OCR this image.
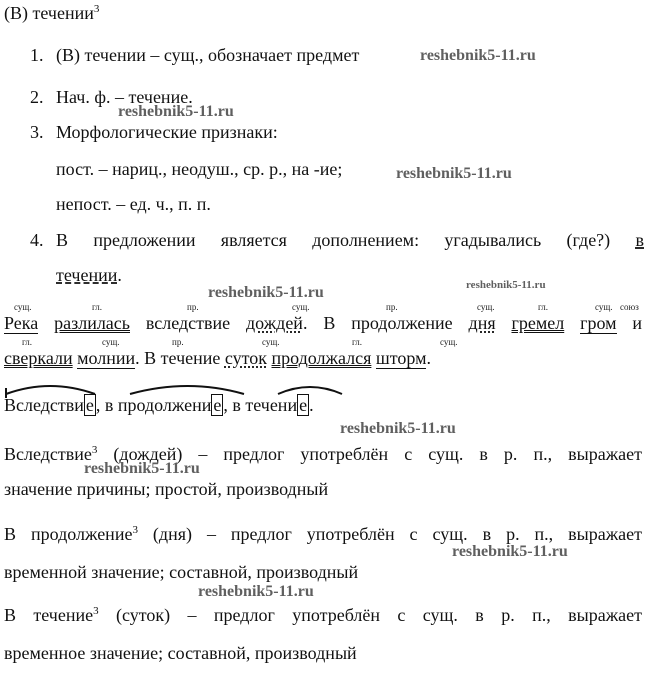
(В) течении$^3$
1. (В) течении – сущ., обозначает предмет
2. Нач. ф. – течение.
3. Морфологические признаки:
пост. – нариц., неодуш., ср. р., на -ие;
непост. – ед. ч., п. п.
4. В предложении является дополнением: угадывались (где?) в
течении.
сущ.	гл.	пр.	сущ.	пр.	сущ.	гл.	сущ. союз
Река разлилась вследствие дождей. В продолжение дня гремел гром и
гл.	сущ.	пр.	сущ.	гл.	сущ.
сверкали молнии. В течение суток продолжался шторм.
Вследстви е , в продолжени е , в течени е .
Вследствие$^3$ (дождей) – предлог употреблён с сущ. в р. п., выражает
значение причины; простой, производный
В продолжение$^3$ (дня) – предлог употреблён с сущ. в р. п., выражает
временной значение; составной, производный
В течение$^3$ (суток) – предлог употреблён с сущ. в р. п., выражает
временное значение; составной, производный
reshebnik5-11.ru
reshebnik5-11.ru
reshebnik5-11.ru
reshebnik5-11.ru	reshebnik5-11.ru
reshebnik5-11.ru
reshebnik5-11.ru
reshebnik5-11.ru
reshebnik5-11.ru
